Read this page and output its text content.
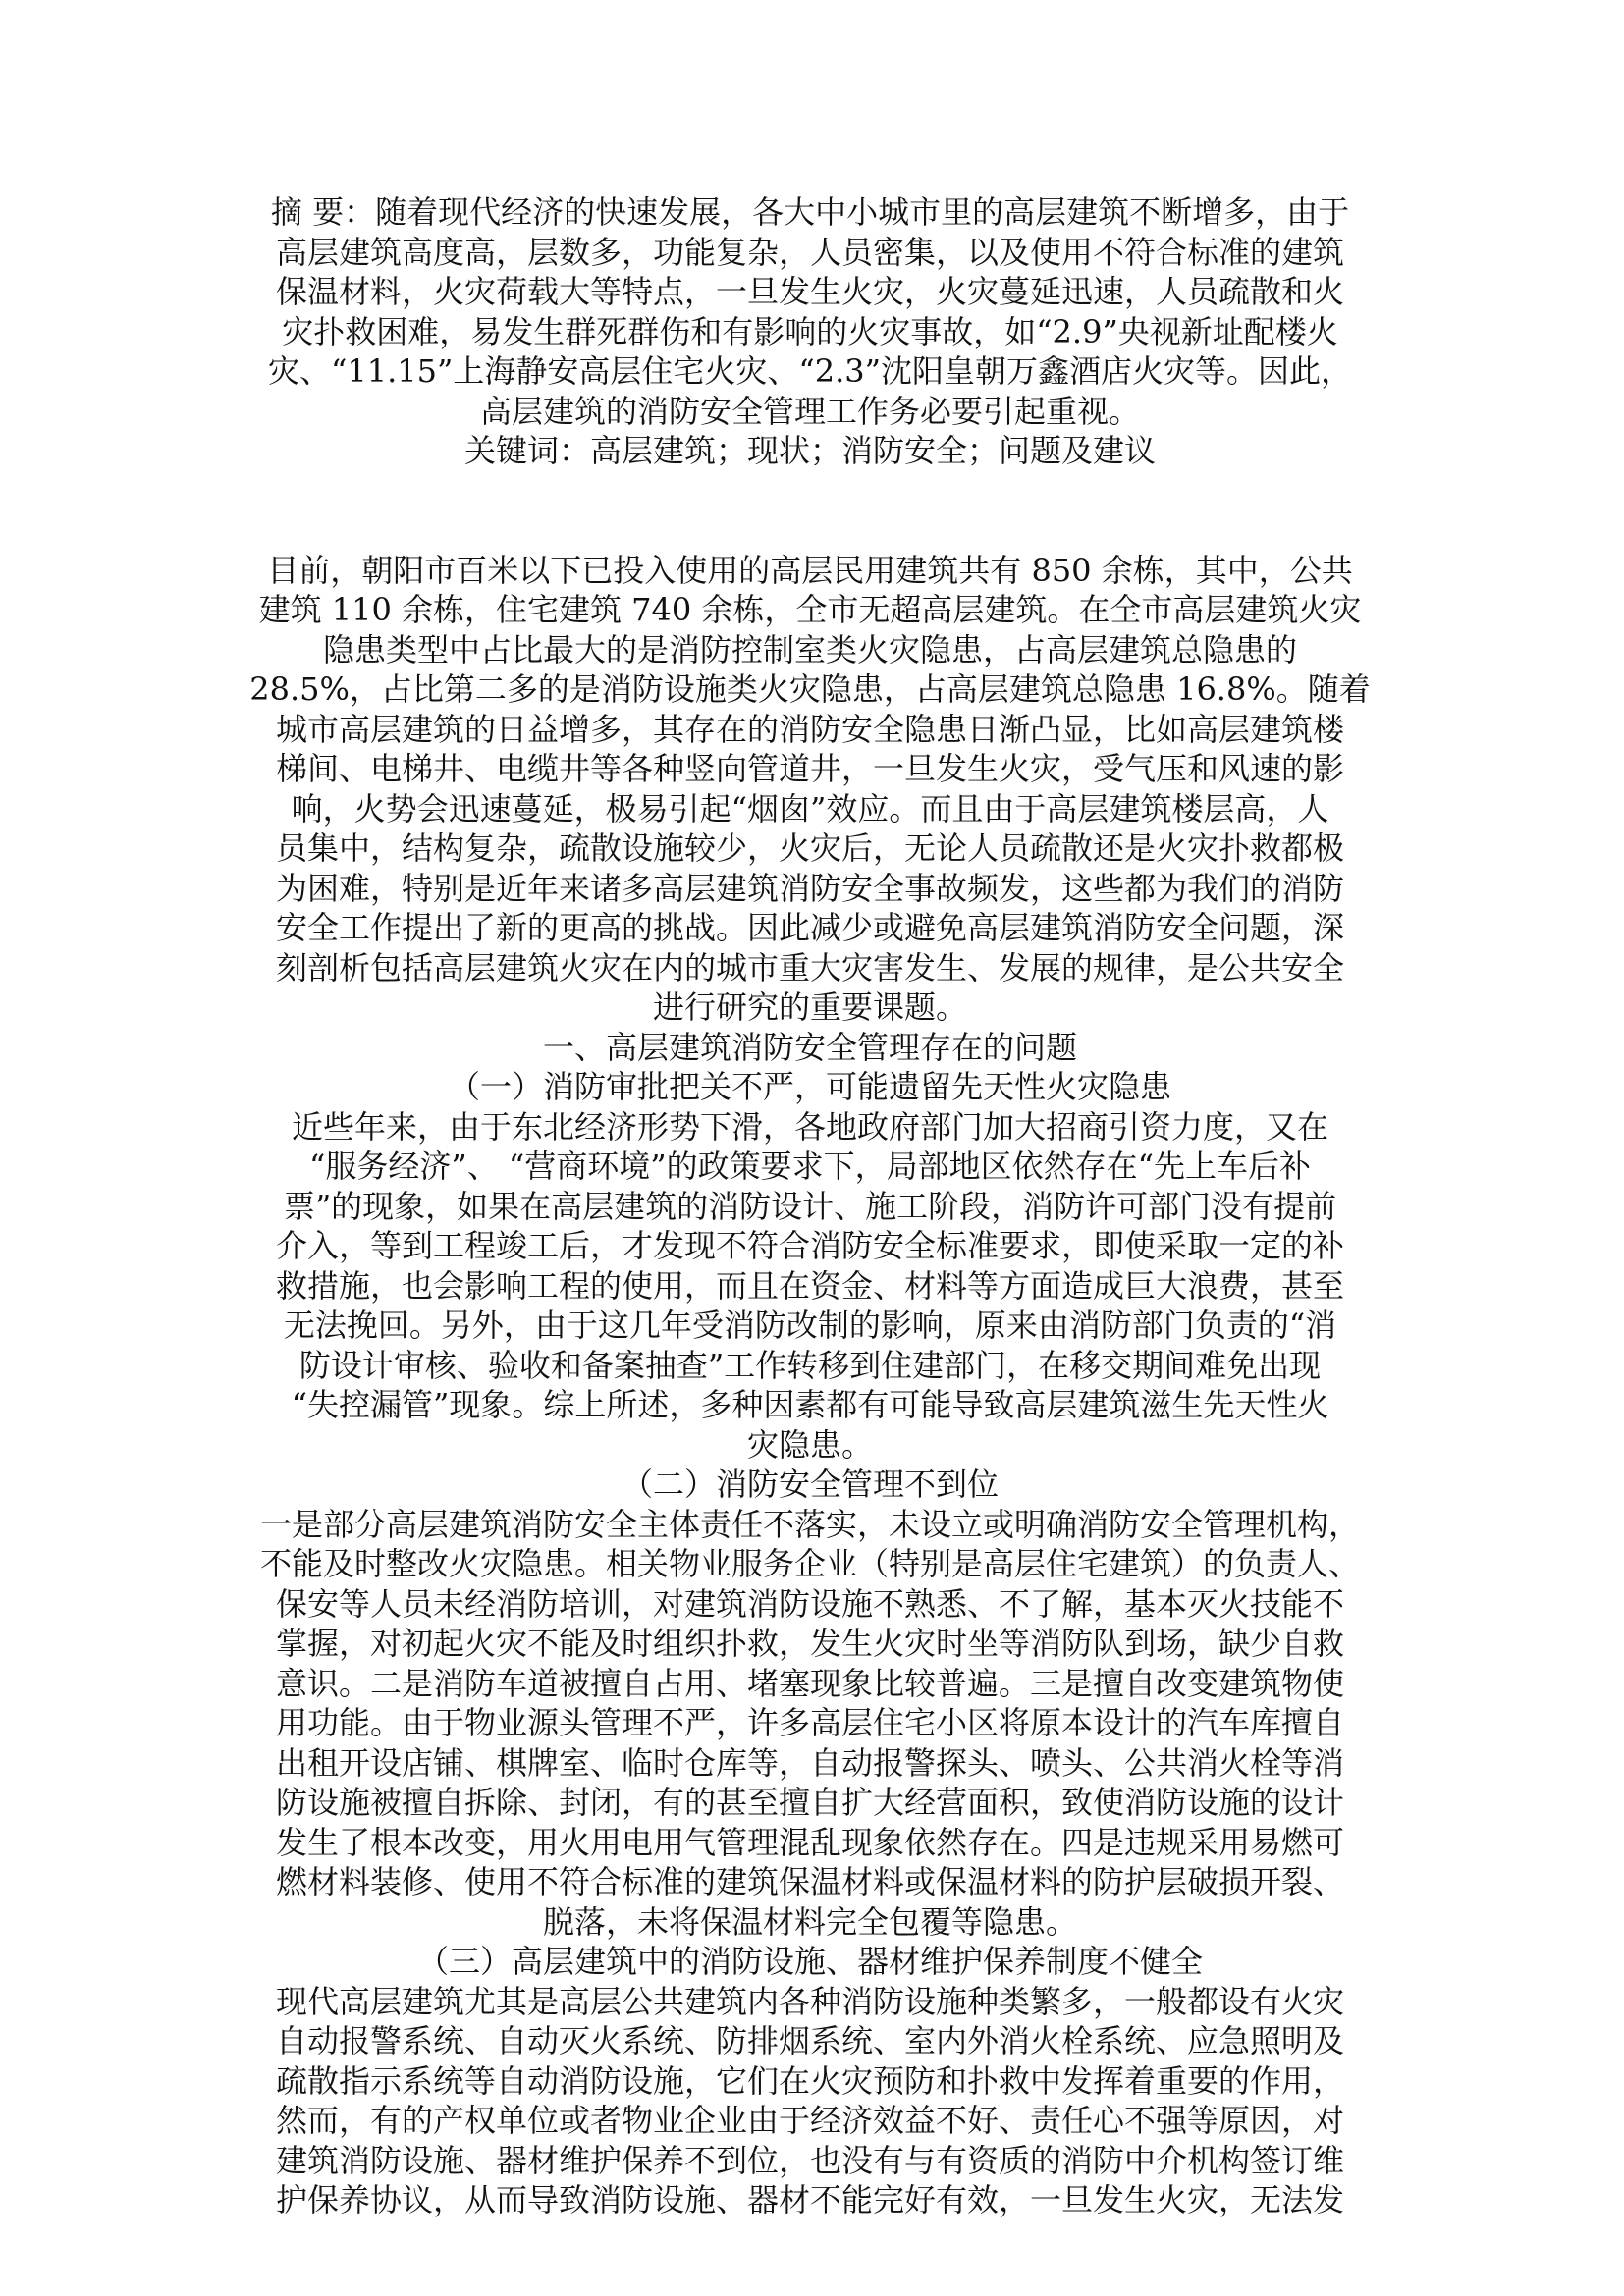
摘 要：随着现代经济的快速发展，各大中小城市里的高层建筑不断增多，由于

高层建筑高度高，层数多，功能复杂，人员密集，以及使用不符合标准的建筑

保温材料，火灾荷载大等特点，一旦发生火灾，火灾蔓延迅速，人员疏散和火

灾扑救困难，易发生群死群伤和有影响的火灾事故，如“2.9”央视新址配楼火

灾、“11.15”上海静安高层住宅火灾、“2.3”沈阳皇朝万鑫酒店火灾等。因此，

高层建筑的消防安全管理工作务必要引起重视。

关键词：高层建筑；现状；消防安全；问题及建议

目前，朝阳市百米以下已投入使用的高层民用建筑共有 850 余栋，其中，公共

建筑 110 余栋，住宅建筑 740 余栋，全市无超高层建筑。在全市高层建筑火灾

隐患类型中占比最大的是消防控制室类火灾隐患，占高层建筑总隐患的

28.5%，占比第二多的是消防设施类火灾隐患，占高层建筑总隐患 16.8%。随着

城市高层建筑的日益增多，其存在的消防安全隐患日渐凸显，比如高层建筑楼

梯间、电梯井、电缆井等各种竖向管道井，一旦发生火灾，受气压和风速的影

响，火势会迅速蔓延，极易引起“烟囱”效应。而且由于高层建筑楼层高，人

员集中，结构复杂，疏散设施较少，火灾后，无论人员疏散还是火灾扑救都极

为困难，特别是近年来诸多高层建筑消防安全事故频发，这些都为我们的消防

安全工作提出了新的更高的挑战。因此减少或避免高层建筑消防安全问题，深

刻剖析包括高层建筑火灾在内的城市重大灾害发生、发展的规律，是公共安全

进行研究的重要课题。

一、高层建筑消防安全管理存在的问题

（一）消防审批把关不严，可能遗留先天性火灾隐患

近些年来，由于东北经济形势下滑，各地政府部门加大招商引资力度，又在

“服务经济”、 “营商环境”的政策要求下，局部地区依然存在“先上车后补

票”的现象，如果在高层建筑的消防设计、施工阶段，消防许可部门没有提前

介入，等到工程竣工后，才发现不符合消防安全标准要求，即使采取一定的补

救措施，也会影响工程的使用，而且在资金、材料等方面造成巨大浪费，甚至

无法挽回。另外，由于这几年受消防改制的影响，原来由消防部门负责的“消

防设计审核、验收和备案抽查”工作转移到住建部门，在移交期间难免出现

“失控漏管”现象。综上所述，多种因素都有可能导致高层建筑滋生先天性火

灾隐患。

（二）消防安全管理不到位

一是部分高层建筑消防安全主体责任不落实，未设立或明确消防安全管理机构，

不能及时整改火灾隐患。相关物业服务企业（特别是高层住宅建筑）的负责人、

保安等人员未经消防培训，对建筑消防设施不熟悉、不了解，基本灭火技能不

掌握，对初起火灾不能及时组织扑救，发生火灾时坐等消防队到场，缺少自救

意识。二是消防车道被擅自占用、堵塞现象比较普遍。三是擅自改变建筑物使

用功能。由于物业源头管理不严，许多高层住宅小区将原本设计的汽车库擅自

出租开设店铺、棋牌室、临时仓库等，自动报警探头、喷头、公共消火栓等消

防设施被擅自拆除、封闭，有的甚至擅自扩大经营面积，致使消防设施的设计

发生了根本改变，用火用电用气管理混乱现象依然存在。四是违规采用易燃可

燃材料装修、使用不符合标准的建筑保温材料或保温材料的防护层破损开裂、

脱落，未将保温材料完全包覆等隐患。

（三）高层建筑中的消防设施、器材维护保养制度不健全

现代高层建筑尤其是高层公共建筑内各种消防设施种类繁多，一般都设有火灾

自动报警系统、自动灭火系统、防排烟系统、室内外消火栓系统、应急照明及

疏散指示系统等自动消防设施，它们在火灾预防和扑救中发挥着重要的作用，

然而，有的产权单位或者物业企业由于经济效益不好、责任心不强等原因，对

建筑消防设施、器材维护保养不到位，也没有与有资质的消防中介机构签订维

护保养协议，从而导致消防设施、器材不能完好有效，一旦发生火灾，无法发
